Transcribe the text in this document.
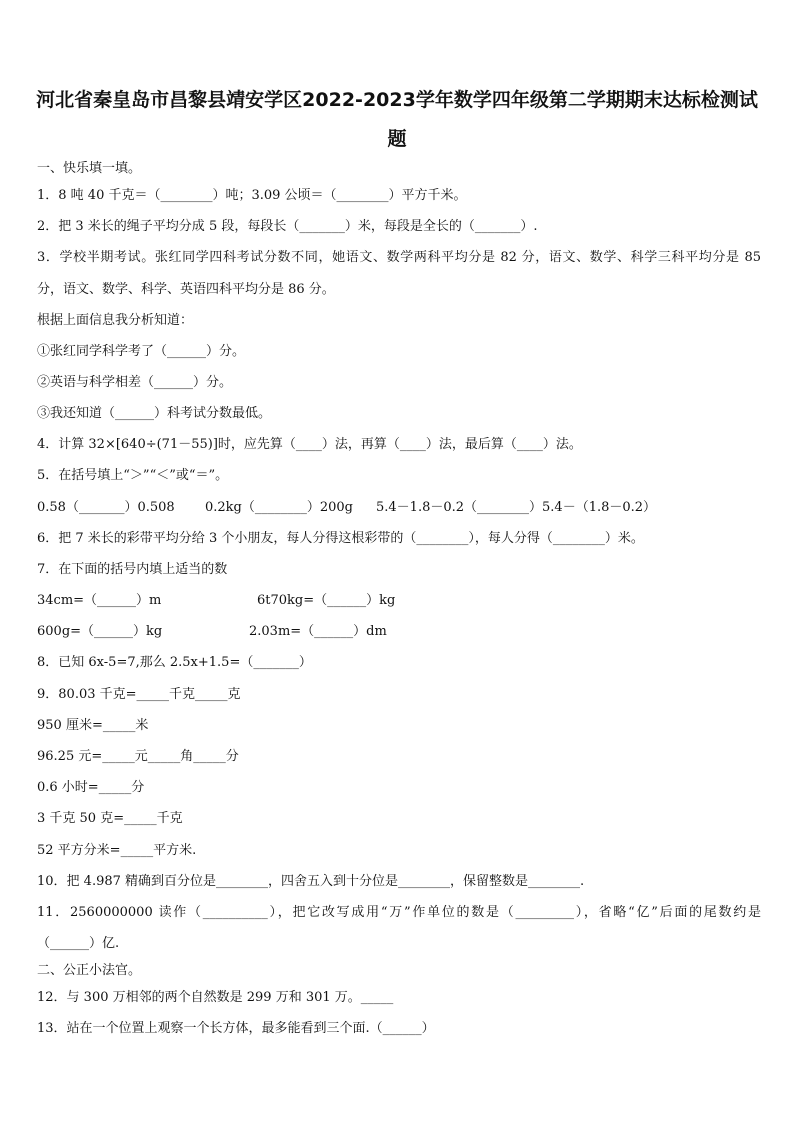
河北省秦皇岛市昌黎县靖安学区2022-2023学年数学四年级第二学期期末达标检测试
题
一、快乐填一填。
1．8 吨 40 千克＝（________）吨；3.09 公顷＝（________）平方千米。
2．把 3 米长的绳子平均分成 5 段，每段长（_______）米，每段是全长的（_______）.
3．学校半期考试。张红同学四科考试分数不同，她语文、数学两科平均分是 82 分，语文、数学、科学三科平均分是 85
分，语文、数学、科学、英语四科平均分是 86 分。
根据上面信息我分析知道：
①张红同学科学考了（______）分。
②英语与科学相差（______）分。
③我还知道（______）科考试分数最低。
4．计算 32×[640÷(71－55)]时，应先算（____）法，再算（____）法，最后算（____）法。
5．在括号填上“＞”“＜”或“＝”。
0.58（_______）0.508 0.2kg（________）200g 5.4－1.8－0.2（________）5.4－（1.8－0.2）
6．把 7 米长的彩带平均分给 3 个小朋友，每人分得这根彩带的（________），每人分得（________）米。
7．在下面的括号内填上适当的数
34cm=（______）m	6t70kg=（______）kg
600g=（______）kg	2.03m=（______）dm
8．已知 6x-5=7,那么 2.5x+1.5=（_______）
9．80.03 千克=_____千克_____克
950 厘米=_____米
96.25 元=_____元_____角_____分
0.6 小时=_____分
3 千克 50 克=_____千克
52 平方分米=_____平方米.
10．把 4.987 精确到百分位是________，四舍五入到十分位是________，保留整数是________.
11．2560000000 读作（__________），把它改写成用“万”作单位的数是（_________），省略“亿”后面的尾数约是
（______）亿.
二、公正小法官。
12．与 300 万相邻的两个自然数是 299 万和 301 万。_____
13．站在一个位置上观察一个长方体，最多能看到三个面.（______）
